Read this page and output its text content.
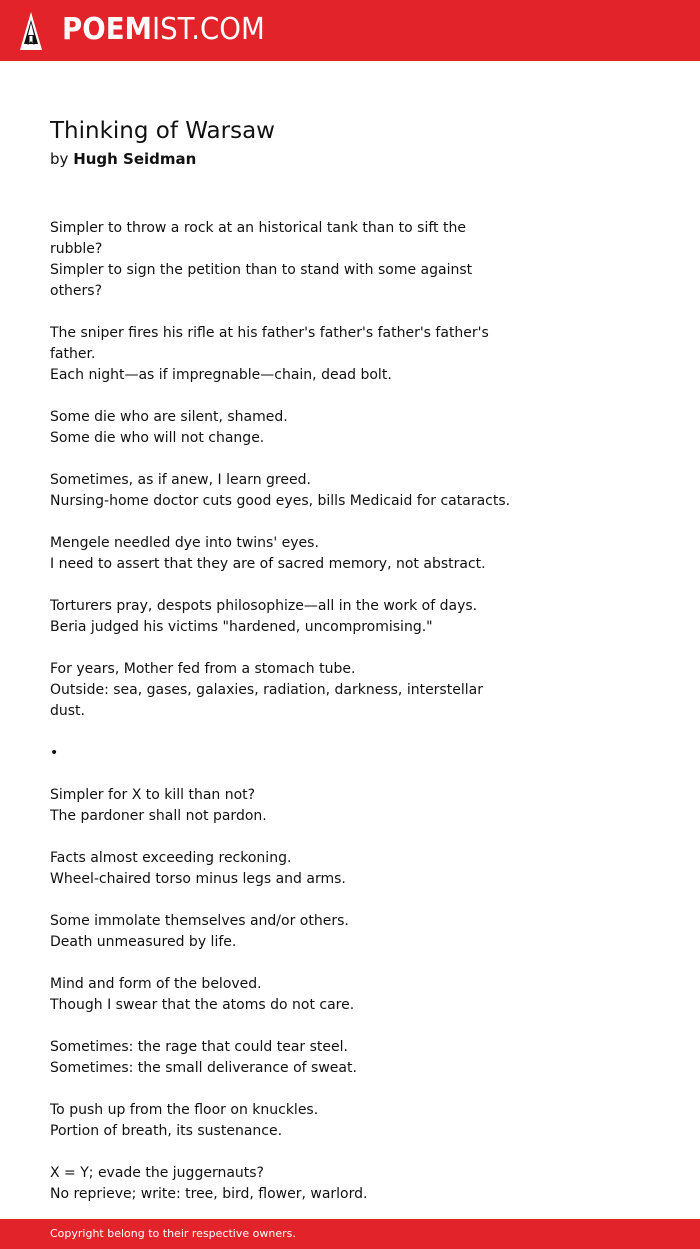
POEMIST.COM
Thinking of Warsaw
by Hugh Seidman
Simpler to throw a rock at an historical tank than to sift the rubble?
Simpler to sign the petition than to stand with some against others?
The sniper fires his rifle at his father's father's father's father's father.
Each night—as if impregnable—chain, dead bolt.
Some die who are silent, shamed.
Some die who will not change.
Sometimes, as if anew, I learn greed.
Nursing-home doctor cuts good eyes, bills Medicaid for cataracts.
Mengele needled dye into twins' eyes.
I need to assert that they are of sacred memory, not abstract.
Torturers pray, despots philosophize—all in the work of days.
Beria judged his victims "hardened, uncompromising."
For years, Mother fed from a stomach tube.
Outside: sea, gases, galaxies, radiation, darkness, interstellar dust.
•
Simpler for X to kill than not?
The pardoner shall not pardon.
Facts almost exceeding reckoning.
Wheel-chaired torso minus legs and arms.
Some immolate themselves and/or others.
Death unmeasured by life.
Mind and form of the beloved.
Though I swear that the atoms do not care.
Sometimes: the rage that could tear steel.
Sometimes: the small deliverance of sweat.
To push up from the floor on knuckles.
Portion of breath, its sustenance.
X = Y; evade the juggernauts?
No reprieve; write: tree, bird, flower, warlord.
Copyright belong to their respective owners.
